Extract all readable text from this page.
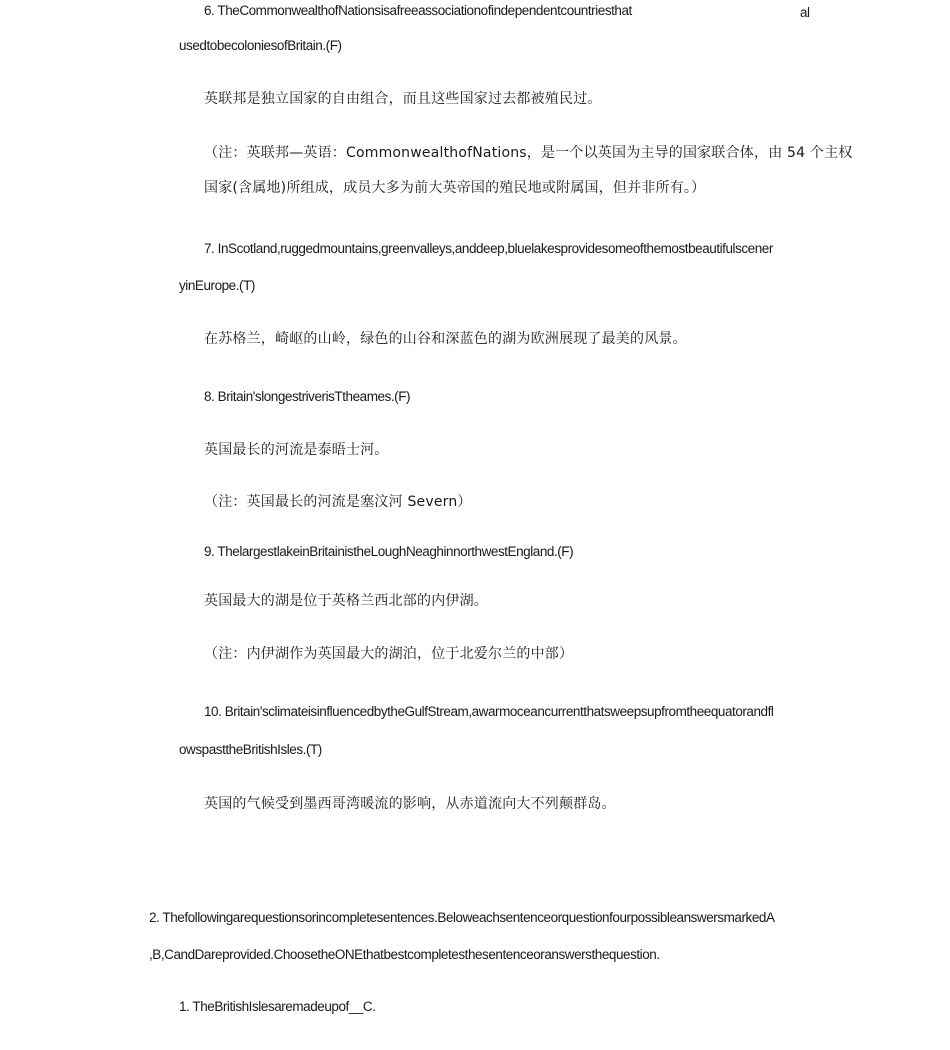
al
6. TheCommonwealthofNationsisafreeassociationofindependentcountriesthat
usedtobecoloniesofBritain.(F)
英联邦是独立国家的自由组合，而且这些国家过去都被殖民过。
（注：英联邦—英语：CommonwealthofNations，是一个以英国为主导的国家联合体，由 54 个主权
国家(含属地)所组成，成员大多为前大英帝国的殖民地或附属国，但并非所有。）
7. InScotland,ruggedmountains,greenvalleys,anddeep,bluelakesprovidesomeofthemostbeautifulscener
yinEurope.(T)
在苏格兰，崎岖的山岭，绿色的山谷和深蓝色的湖为欧洲展现了最美的风景。
8. Britain'slongestriverisTtheames.(F)
英国最长的河流是泰晤士河。
（注：英国最长的河流是塞汶河 Severn）
9. ThelargestlakeinBritainistheLoughNeaghinnorthwestEngland.(F)
英国最大的湖是位于英格兰西北部的内伊湖。
（注：内伊湖作为英国最大的湖泊，位于北爱尔兰的中部）
10. Britain'sclimateisinfluencedbytheGulfStream,awarmoceancurrentthatsweepsupfromtheequatorandfl
owspasttheBritishIsles.(T)
英国的气候受到墨西哥湾暖流的影响，从赤道流向大不列颠群岛。
2. Thefollowingarequestionsorincompletesentences.BeloweachsentenceorquestionfourpossibleanswersmarkedA
,B,CandDareprovided.ChoosetheONEthatbestcompletesthesentenceoranswersthequestion.
1. TheBritishIslesaremadeupof__C.
